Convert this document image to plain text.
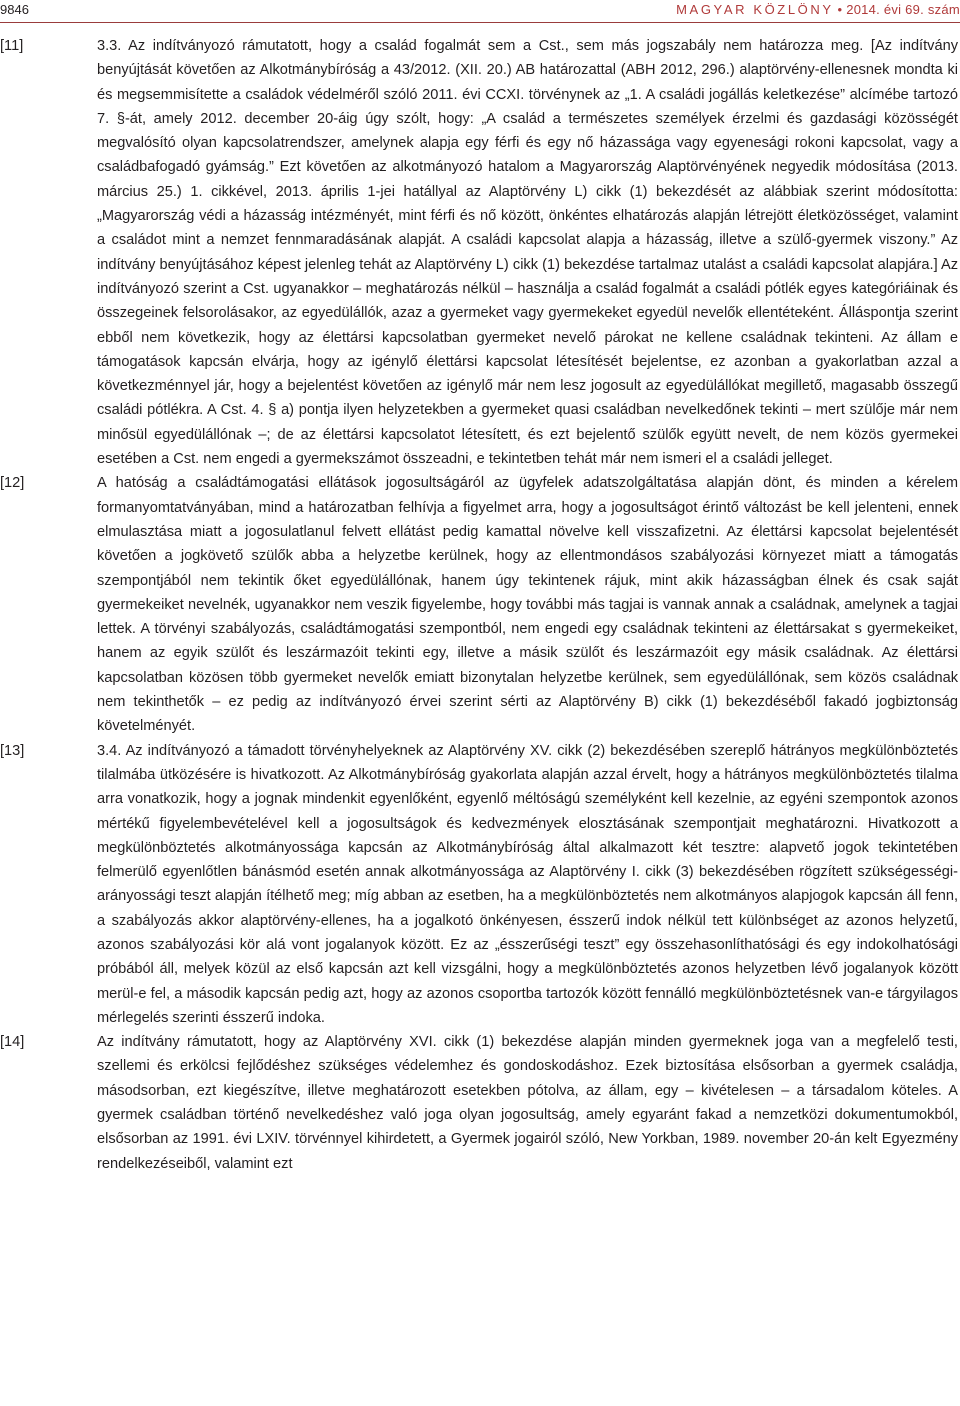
9846	MAGYAR KÖZLÖNY • 2014. évi 69. szám
[11]	3.3. Az indítványozó rámutatott, hogy a család fogalmát sem a Cst., sem más jogszabály nem határozza meg. [Az indítvány benyújtását követően az Alkotmánybíróság a 43/2012. (XII. 20.) AB határozattal (ABH 2012, 296.) alaptörvény-ellenesnek mondta ki és megsemmisítette a családok védelméről szóló 2011. évi CCXI. törvénynek az „1. A családi jogállás keletkezése” alcímébe tartozó 7. §-át, amely 2012. december 20-áig úgy szólt, hogy: „A család a természetes személyek érzelmi és gazdasági közösségét megvalósító olyan kapcsolatrendszer, amelynek alapja egy férfi és egy nő házassága vagy egyenesági rokoni kapcsolat, vagy a családbafogadó gyámság.” Ezt követően az alkotmányozó hatalom a Magyarország Alaptörvényének negyedik módosítása (2013. március 25.) 1. cikkével, 2013. április 1-jei hatállyal az Alaptörvény L) cikk (1) bekezdését az alábbiak szerint módosította: „Magyarország védi a házasság intézményét, mint férfi és nő között, önkéntes elhatározás alapján létrejött életközösséget, valamint a családot mint a nemzet fennmaradásának alapját. A családi kapcsolat alapja a házasság, illetve a szülő-gyermek viszony.” Az indítvány benyújtásához képest jelenleg tehát az Alaptörvény L) cikk (1) bekezdése tartalmaz utalást a családi kapcsolat alapjára.] Az indítványozó szerint a Cst. ugyanakkor – meghatározás nélkül – használja a család fogalmát a családi pótlék egyes kategóriáinak és összegeinek felsorolásakor, az egyedülállók, azaz a gyermeket vagy gyermekeket egyedül nevelők ellentéteként. Álláspontja szerint ebből nem következik, hogy az élettársi kapcsolatban gyermeket nevelő párokat ne kellene családnak tekinteni. Az állam e támogatások kapcsán elvárja, hogy az igénylő élettársi kapcsolat létesítését bejelentse, ez azonban a gyakorlatban azzal a következménnyel jár, hogy a bejelentést követően az igénylő már nem lesz jogosult az egyedülállókat megillető, magasabb összegű családi pótlékra. A Cst. 4. § a) pontja ilyen helyzetekben a gyermeket quasi családban nevelkedőnek tekinti – mert szülője már nem minősül egyedülállónak –; de az élettársi kapcsolatot létesített, és ezt bejelentő szülők együtt nevelt, de nem közös gyermekei esetében a Cst. nem engedi a gyermekszámot összeadni, e tekintetben tehát már nem ismeri el a családi jelleget.

[12]	A hatóság a családtámogatási ellátások jogosultságáról az ügyfelek adatszolgáltatása alapján dönt, és minden a kérelem formanyomtatványában, mind a határozatban felhívja a figyelmet arra, hogy a jogosultságot érintő változást be kell jelenteni, ennek elmulasztása miatt a jogosulatlanul felvett ellátást pedig kamattal növelve kell visszafizetni. Az élettársi kapcsolat bejelentését követően a jogkövető szülők abba a helyzetbe kerülnek, hogy az ellentmondásos szabályozási környezet miatt a támogatás szempontjából nem tekintik őket egyedülállónak, hanem úgy tekintenek rájuk, mint akik házasságban élnek és csak saját gyermekeiket nevelnék, ugyanakkor nem veszik figyelembe, hogy további más tagjai is vannak annak a családnak, amelynek a tagjai lettek. A törvényi szabályozás, családtámogatási szempontból, nem engedi egy családnak tekinteni az élettársakat s gyermekeiket, hanem az egyik szülőt és leszármazóit tekinti egy, illetve a másik szülőt és leszármazóit egy másik családnak. Az élettársi kapcsolatban közösen több gyermeket nevelők emiatt bizonytalan helyzetbe kerülnek, sem egyedülállónak, sem közös családnak nem tekinthetők – ez pedig az indítványozó érvei szerint sérti az Alaptörvény B) cikk (1) bekezdéséből fakadó jogbiztonság követelményét.

[13]	3.4. Az indítványozó a támadott törvényhelyeknek az Alaptörvény XV. cikk (2) bekezdésében szereplő hátrányos megkülönböztetés tilalmába ütközésére is hivatkozott. Az Alkotmánybíróság gyakorlata alapján azzal érvelt, hogy a hátrányos megkülönböztetés tilalma arra vonatkozik, hogy a jognak mindenkit egyenlőként, egyenlő méltóságú személyként kell kezelnie, az egyéni szempontok azonos mértékű figyelembevételével kell a jogosultságok és kedvezmények elosztásának szempontjait meghatározni. Hivatkozott a megkülönböztetés alkotmányossága kapcsán az Alkotmánybíróság által alkalmazott két tesztre: alapvető jogok tekintetében felmerülő egyenlőtlen bánásmód esetén annak alkotmányossága az Alaptörvény I. cikk (3) bekezdésében rögzített szükségességi-arányossági teszt alapján ítélhető meg; míg abban az esetben, ha a megkülönböztetés nem alkotmányos alapjogok kapcsán áll fenn, a szabályozás akkor alaptörvény-ellenes, ha a jogalkotó önkényesen, ésszerű indok nélkül tett különbséget az azonos helyzetű, azonos szabályozási kör alá vont jogalanyok között. Ez az „ésszerűségi teszt” egy összehasonlíthatósági és egy indokolhatósági próbából áll, melyek közül az első kapcsán azt kell vizsgálni, hogy a megkülönböztetés azonos helyzetben lévő jogalanyok között merül-e fel, a második kapcsán pedig azt, hogy az azonos csoportba tartozók között fennálló megkülönböztetésnek van-e tárgyilagos mérlegelés szerinti ésszerű indoka.

[14]	Az indítvány rámutatott, hogy az Alaptörvény XVI. cikk (1) bekezdése alapján minden gyermeknek joga van a megfelelő testi, szellemi és erkölcsi fejlődéshez szükséges védelemhez és gondoskodáshoz. Ezek biztosítása elsősorban a gyermek családja, másodsorban, ezt kiegészítve, illetve meghatározott esetekben pótolva, az állam, egy – kivételesen – a társadalom köteles. A gyermek családban történő nevelkedéshez való joga olyan jogosultság, amely egyaránt fakad a nemzetközi dokumentumokból, elsősorban az 1991. évi LXIV. törvénnyel kihirdetett, a Gyermek jogairól szóló, New Yorkban, 1989. november 20-án kelt Egyezmény rendelkezéseiből, valamint ezt
